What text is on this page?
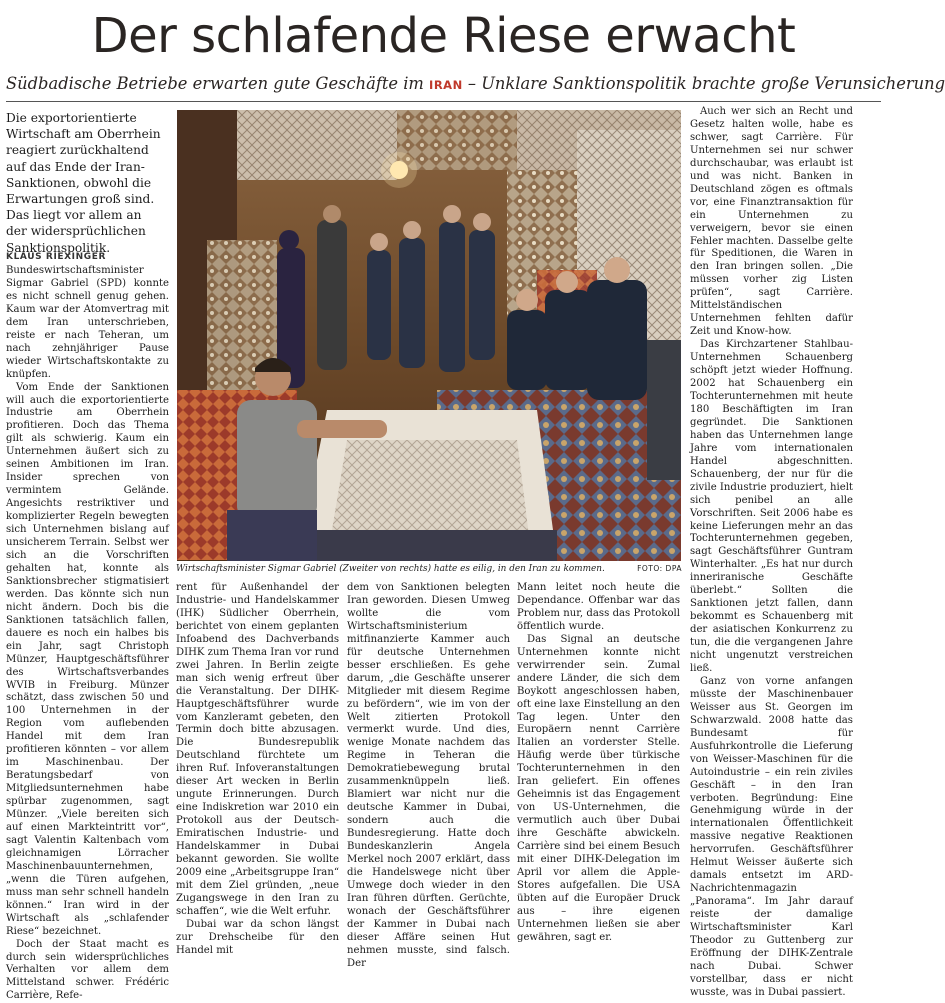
Der schlafende Riese erwacht
Südbadische Betriebe erwarten gute Geschäfte im IRAN – Unklare Sanktionspolitik brachte große Verunsicherung
Die exportorientierte Wirtschaft am Oberrhein reagiert zurückhaltend auf das Ende der Iran-Sanktionen, obwohl die Erwartungen groß sind. Das liegt vor allem an der widersprüchlichen Sanktionspolitik.
KLAUS RIEXINGER

Bundeswirtschaftsminister Sigmar Gabriel (SPD) konnte es nicht schnell genug gehen. Kaum war der Atomvertrag mit dem Iran unterschrieben, reiste er nach Teheran, um nach zehnjähriger Pause wieder Wirtschaftskontakte zu knüpfen.

Vom Ende der Sanktionen will auch die exportorientierte Industrie am Oberrhein profitieren. Doch das Thema gilt als schwierig. Kaum ein Unternehmen äußert sich zu seinen Ambitionen im Iran. Insider sprechen von vermintem Gelände. Angesichts restriktiver und komplizierter Regeln bewegten sich Unternehmen bislang auf unsicherem Terrain. Selbst wer sich an die Vorschriften gehalten hat, konnte als Sanktionsbrecher stigmatisiert werden. Das könnte sich nun nicht ändern. Doch bis die Sanktionen tatsächlich fallen, dauere es noch ein halbes bis ein Jahr, sagt Christoph Münzer, Hauptgeschäftsführer des Wirtschaftsverbandes WVIB in Freiburg. Münzer schätzt, dass zwischen 50 und 100 Unternehmen in der Region vom auflebenden Handel mit dem Iran profitieren könnten – vor allem im Maschinenbau. Der Beratungsbedarf von Mitgliedsunternehmen habe spürbar zugenommen, sagt Münzer. „Viele bereiten sich auf einen Markteintritt vor“, sagt Valentin Kaltenbach vom gleichnamigen Lörracher Maschinenbauunternehmen, „wenn die Türen aufgehen, muss man sehr schnell handeln können.“ Iran wird in der Wirtschaft als „schlafender Riese“ bezeichnet.

Doch der Staat macht es durch sein widersprüchliches Verhalten vor allem dem Mittelstand schwer. Frédéric Carrière, Refe-

Wirtschaftsminister Sigmar Gabriel (Zweiter von rechts) hatte es eilig, in den Iran zu kommen.	FOTO: DPA

rent für Außenhandel der Industrie- und Handelskammer (IHK) Südlicher Oberrhein, berichtet von einem geplanten Infoabend des Dachverbands DIHK zum Thema Iran vor rund zwei Jahren. In Berlin zeigte man sich wenig erfreut über die Veranstaltung. Der DIHK-Hauptgeschäftsführer wurde vom Kanzleramt gebeten, den Termin doch bitte abzusagen. Die Bundesrepublik Deutschland fürchtete um ihren Ruf. Infoveranstaltungen dieser Art wecken in Berlin ungute Erinnerungen. Durch eine Indiskretion war 2010 ein Protokoll aus der Deutsch-Emiratischen Industrie- und Handelskammer in Dubai bekannt geworden. Sie wollte 2009 eine „Arbeitsgruppe Iran“ mit dem Ziel gründen, „neue Zugangswege in den Iran zu schaffen“, wie die Welt erfuhr.

Dubai war da schon längst zur Drehscheibe für den Handel mit

dem von Sanktionen belegten Iran geworden. Diesen Umweg wollte die vom Wirtschaftsministerium mitfinanzierte Kammer auch für deutsche Unternehmen besser erschließen. Es gehe darum, „die Geschäfte unserer Mitglieder mit diesem Regime zu befördern“, wie im von der Welt zitierten Protokoll vermerkt wurde. Und dies, wenige Monate nachdem das Regime in Teheran die Demokratiebewegung brutal zusammenknüppeln ließ. Blamiert war nicht nur die deutsche Kammer in Dubai, sondern auch die Bundesregierung. Hatte doch Bundeskanzlerin Angela Merkel noch 2007 erklärt, dass die Handelswege nicht über Umwege doch wieder in den Iran führen dürften. Gerüchte, wonach der Geschäftsführer der Kammer in Dubai nach dieser Affäre seinen Hut nehmen musste, sind falsch. Der

Mann leitet noch heute die Dependance. Offenbar war das Problem nur, dass das Protokoll öffentlich wurde.

Das Signal an deutsche Unternehmen konnte nicht verwirrender sein. Zumal andere Länder, die sich dem Boykott angeschlossen haben, oft eine laxe Einstellung an den Tag legen. Unter den Europäern nennt Carrière Italien an vorderster Stelle. Häufig werde über türkische Tochterunternehmen in den Iran geliefert. Ein offenes Geheimnis ist das Engagement von US-Unternehmen, die vermutlich auch über Dubai ihre Geschäfte abwickeln. Carrière sind bei einem Besuch mit einer DIHK-Delegation im April vor allem die Apple-Stores aufgefallen. Die USA übten auf die Europäer Druck aus – ihre eigenen Unternehmen ließen sie aber gewähren, sagt er.

Auch wer sich an Recht und Gesetz halten wolle, habe es schwer, sagt Carrière. Für Unternehmen sei nur schwer durchschaubar, was erlaubt ist und was nicht. Banken in Deutschland zögen es oftmals vor, eine Finanztransaktion für ein Unternehmen zu verweigern, bevor sie einen Fehler machten. Dasselbe gelte für Speditionen, die Waren in den Iran bringen sollen. „Die müssen vorher zig Listen prüfen“, sagt Carrière. Mittelständischen Unternehmen fehlten dafür Zeit und Know-how.

Das Kirchzartener Stahlbau-Unternehmen Schauenberg schöpft jetzt wieder Hoffnung. 2002 hat Schauenberg ein Tochterunternehmen mit heute 180 Beschäftigten im Iran gegründet. Die Sanktionen haben das Unternehmen lange Jahre vom internationalen Handel abgeschnitten. Schauenberg, der nur für die zivile Industrie produziert, hielt sich penibel an alle Vorschriften. Seit 2006 habe es keine Lieferungen mehr an das Tochterunternehmen gegeben, sagt Geschäftsführer Guntram Winterhalter. „Es hat nur durch inneriranische Geschäfte überlebt.“ Sollten die Sanktionen jetzt fallen, dann bekommt es Schauenberg mit der asiatischen Konkurrenz zu tun, die die vergangenen Jahre nicht ungenutzt verstreichen ließ.

Ganz von vorne anfangen müsste der Maschinenbauer Weisser aus St. Georgen im Schwarzwald. 2008 hatte das Bundesamt für Ausfuhrkontrolle die Lieferung von Weisser-Maschinen für die Autoindustrie – ein rein ziviles Geschäft – in den Iran verboten. Begründung: Eine Genehmigung würde in der internationalen Öffentlichkeit massive negative Reaktionen hervorrufen. Geschäftsführer Helmut Weisser äußerte sich damals entsetzt im ARD-Nachrichtenmagazin „Panorama“. Im Jahr darauf reiste der damalige Wirtschaftsminister Karl Theodor zu Guttenberg zur Eröffnung der DIHK-Zentrale nach Dubai. Schwer vorstellbar, dass er nicht wusste, was in Dubai passiert.
